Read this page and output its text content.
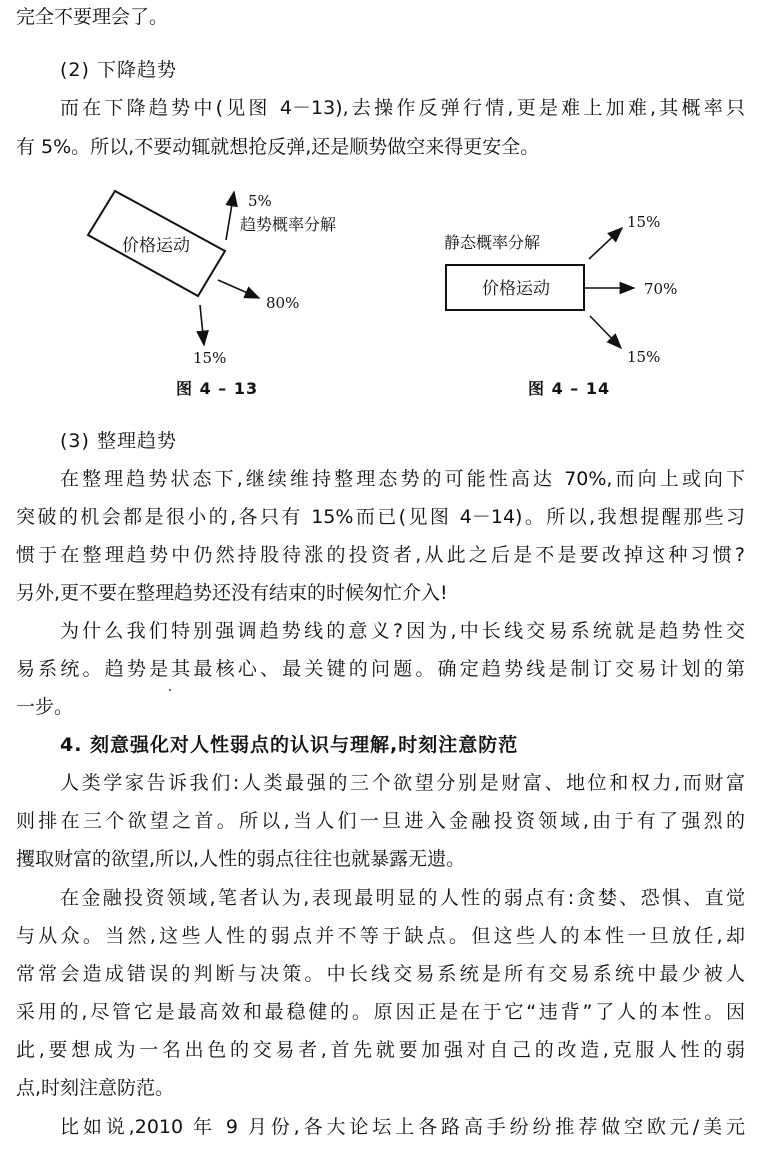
完全不要理会了。
(2) 下降趋势
而在下降趋势中(见图 4－13),去操作反弹行情,更是难上加难,其概率只
有 5%。所以,不要动辄就想抢反弹,还是顺势做空来得更安全。
价格运动
5%
趋势概率分解
80%
15%
图 4 – 13
静态概率分解
价格运动
15%
70%
15%
图 4 – 14
(3) 整理趋势
在整理趋势状态下,继续维持整理态势的可能性高达 70%,而向上或向下
突破的机会都是很小的,各只有 15%而已(见图 4－14)。所以,我想提醒那些习
惯于在整理趋势中仍然持股待涨的投资者,从此之后是不是要改掉这种习惯?
另外,更不要在整理趋势还没有结束的时候匆忙介入!
为什么我们特别强调趋势线的意义?因为,中长线交易系统就是趋势性交
易系统。趋势是其最核心、最关键的问题。确定趋势线是制订交易计划的第
一步。
4. 刻意强化对人性弱点的认识与理解,时刻注意防范
人类学家告诉我们:人类最强的三个欲望分别是财富、地位和权力,而财富
则排在三个欲望之首。所以,当人们一旦进入金融投资领域,由于有了强烈的
攫取财富的欲望,所以,人性的弱点往往也就暴露无遗。
在金融投资领域,笔者认为,表现最明显的人性的弱点有:贪婪、恐惧、直觉
与从众。当然,这些人性的弱点并不等于缺点。但这些人的本性一旦放任,却
常常会造成错误的判断与决策。中长线交易系统是所有交易系统中最少被人
采用的,尽管它是最高效和最稳健的。原因正是在于它“违背”了人的本性。因
此,要想成为一名出色的交易者,首先就要加强对自己的改造,克服人性的弱
点,时刻注意防范。
比如说,2010 年 9 月份,各大论坛上各路高手纷纷推荐做空欧元/美元
